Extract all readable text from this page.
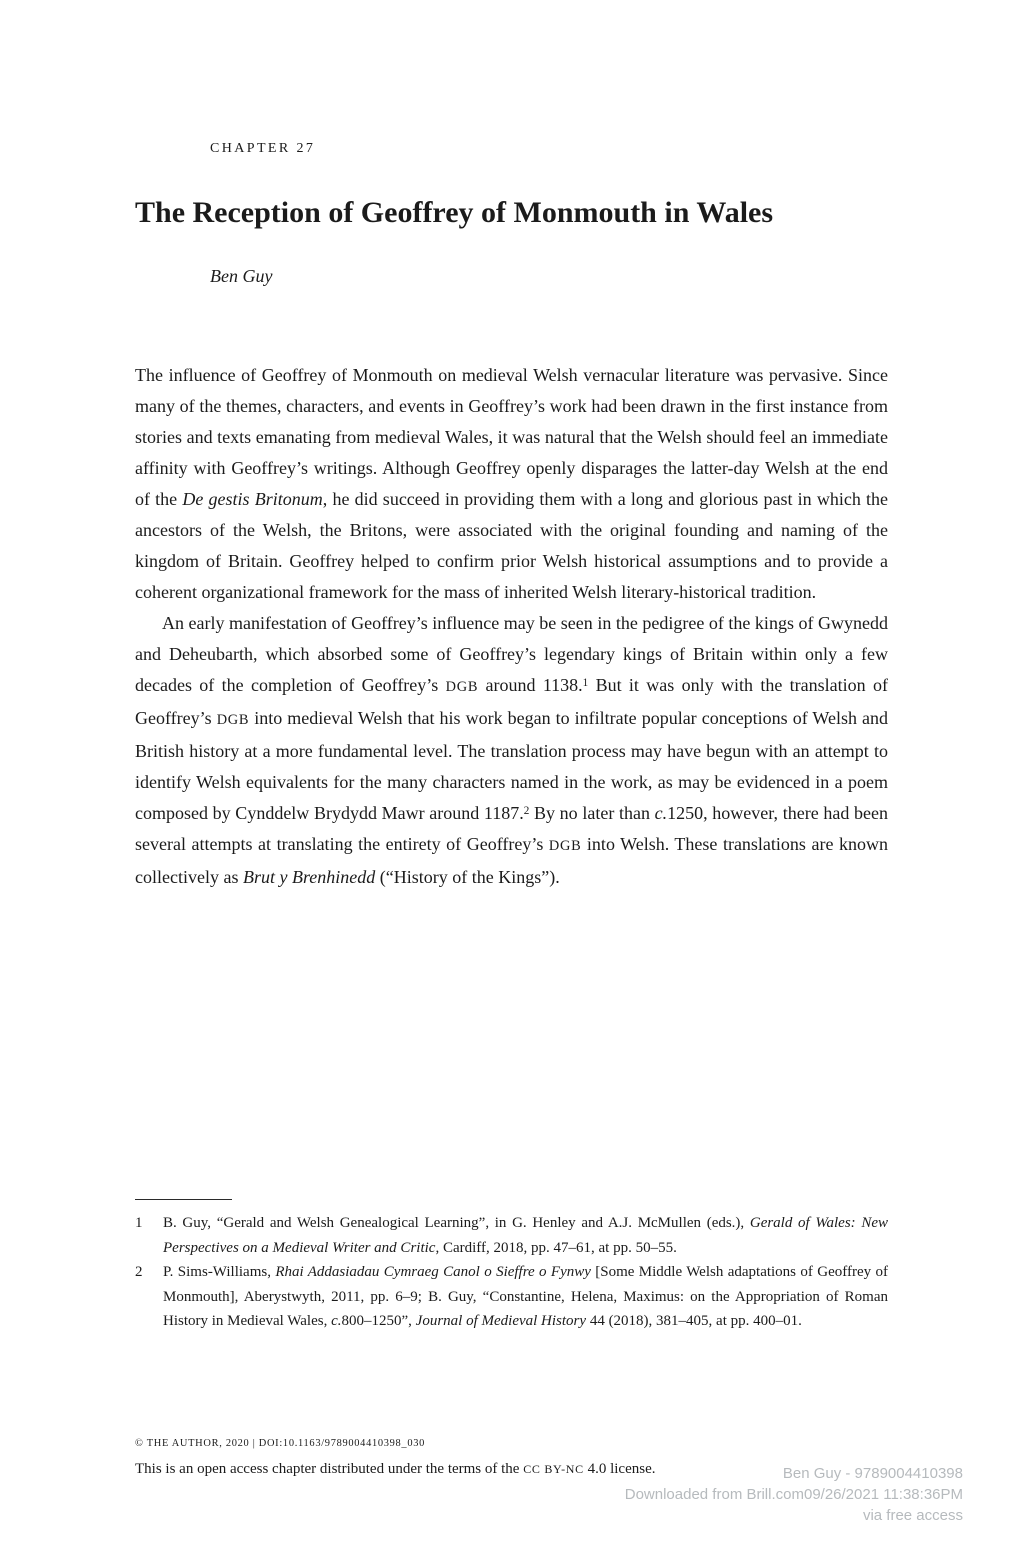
CHAPTER 27
The Reception of Geoffrey of Monmouth in Wales
Ben Guy

The influence of Geoffrey of Monmouth on medieval Welsh vernacular literature was pervasive. Since many of the themes, characters, and events in Geoffrey’s work had been drawn in the first instance from stories and texts emanating from medieval Wales, it was natural that the Welsh should feel an immediate affinity with Geoffrey’s writings. Although Geoffrey openly disparages the latter-day Welsh at the end of the De gestis Britonum, he did succeed in providing them with a long and glorious past in which the ancestors of the Welsh, the Britons, were associated with the original founding and naming of the kingdom of Britain. Geoffrey helped to confirm prior Welsh historical assumptions and to provide a coherent organizational framework for the mass of inherited Welsh literary-historical tradition.

An early manifestation of Geoffrey’s influence may be seen in the pedigree of the kings of Gwynedd and Deheubarth, which absorbed some of Geoffrey’s legendary kings of Britain within only a few decades of the completion of Geoffrey’s DGB around 1138.$^1$ But it was only with the translation of Geoffrey’s DGB into medieval Welsh that his work began to infiltrate popular conceptions of Welsh and British history at a more fundamental level. The translation process may have begun with an attempt to identify Welsh equivalents for the many characters named in the work, as may be evidenced in a poem composed by Cynddelw Brydydd Mawr around 1187.$^2$ By no later than c.1250, however, there had been several attempts at translating the entirety of Geoffrey’s DGB into Welsh. These translations are known collectively as Brut y Brenhinedd (“History of the Kings”).

1 B. Guy, “Gerald and Welsh Genealogical Learning”, in G. Henley and A.J. McMullen (eds.), Gerald of Wales: New Perspectives on a Medieval Writer and Critic, Cardiff, 2018, pp. 47–61, at pp. 50–55.
2 P. Sims-Williams, Rhai Addasiadau Cymraeg Canol o Sieffre o Fynwy [Some Middle Welsh adaptations of Geoffrey of Monmouth], Aberystwyth, 2011, pp. 6–9; B. Guy, “Constantine, Helena, Maximus: on the Appropriation of Roman History in Medieval Wales, c.800–1250”, Journal of Medieval History 44 (2018), 381–405, at pp. 400–01.
© THE AUTHOR, 2020 | DOI:10.1163/9789004410398_030
This is an open access chapter distributed under the terms of the CC BY-NC 4.0 license.	Ben Guy - 9789004410398
Downloaded from Brill.com09/26/2021 11:38:36PM
via free access
